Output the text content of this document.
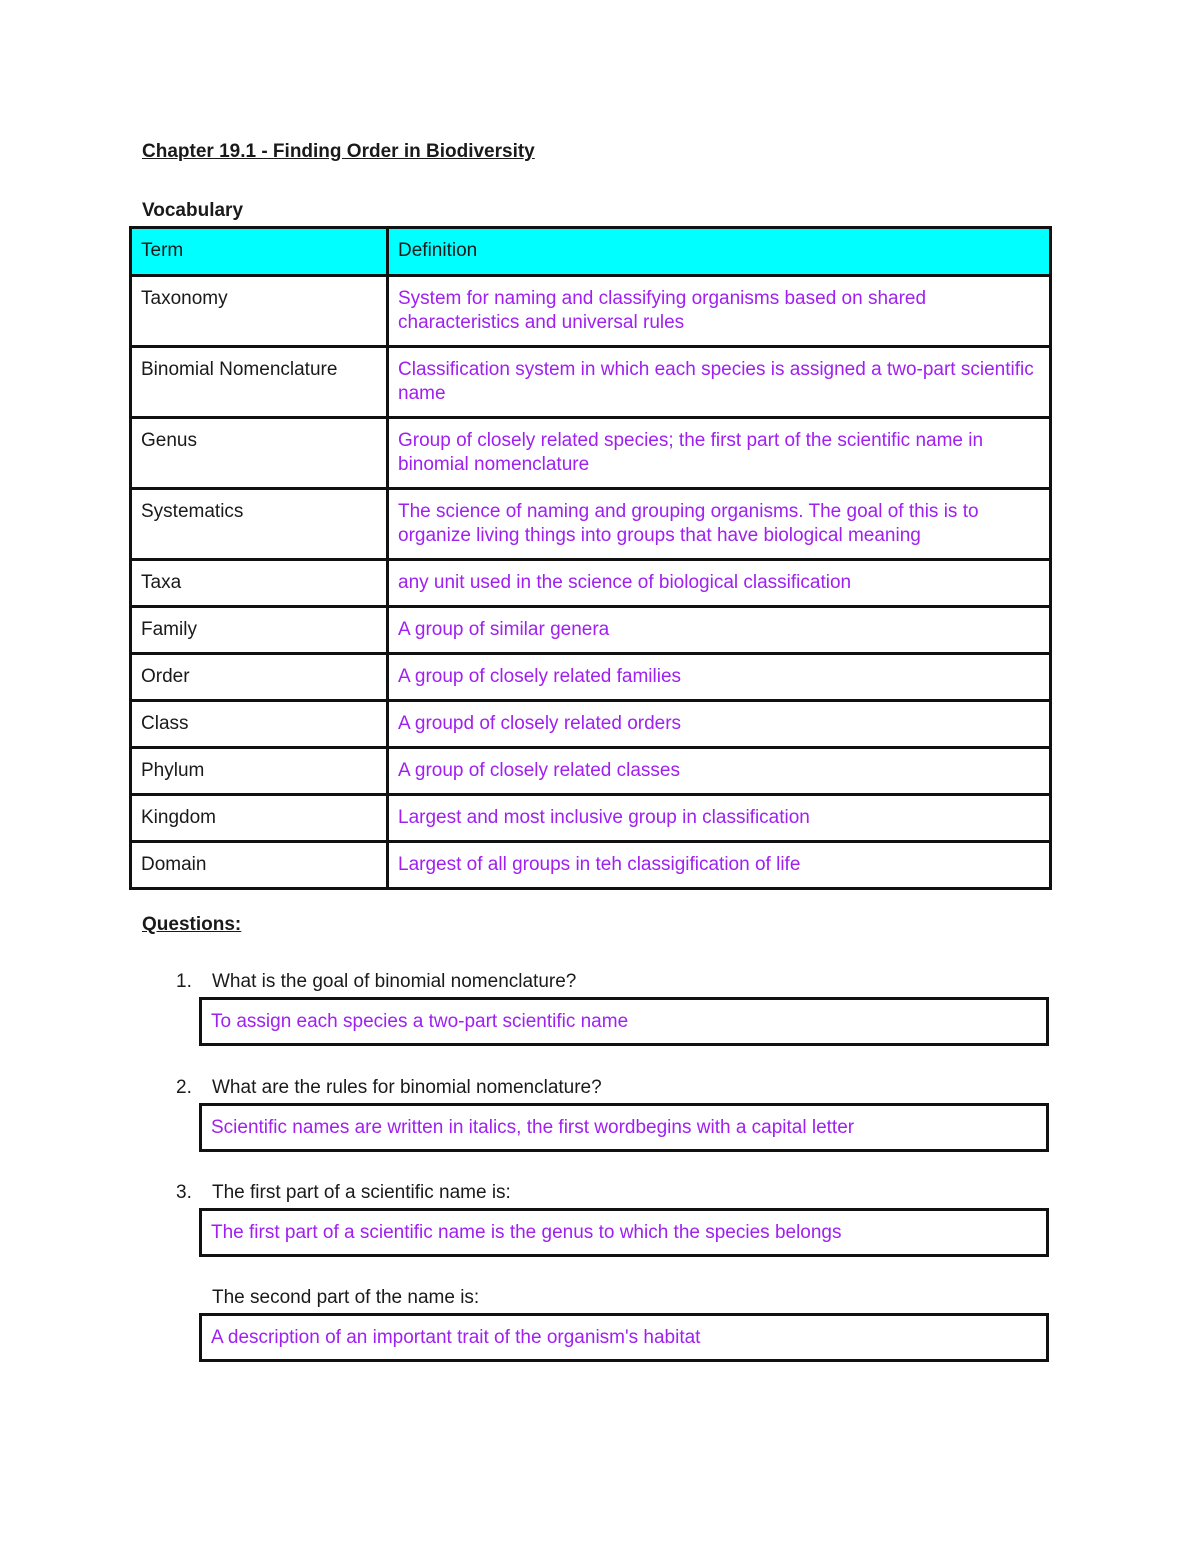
Chapter 19.1 - Finding Order in Biodiversity
Vocabulary
Term	Definition
Taxonomy	System for naming and classifying organisms based on shared characteristics and universal rules
Binomial Nomenclature	Classification system in which each species is assigned a two-part scientific name
Genus	Group of closely related species; the first part of the scientific name in binomial nomenclature
Systematics	The science of naming and grouping organisms. The goal of this is to organize living things into groups that have biological meaning
Taxa	any unit used in the science of biological classification
Family	A group of similar genera
Order	A group of closely related families
Class	A groupd of closely related orders
Phylum	A group of closely related classes
Kingdom	Largest and most inclusive group in classification
Domain	Largest of all groups in teh classigification of life
Questions:
1. What is the goal of binomial nomenclature?
To assign each species a two-part scientific name
2. What are the rules for binomial nomenclature?
Scientific names are written in italics, the first wordbegins with a capital letter
3. The first part of a scientific name is:
The first part of a scientific name is the genus to which the species belongs
The second part of the name is:
A description of an important trait of the organism's habitat
